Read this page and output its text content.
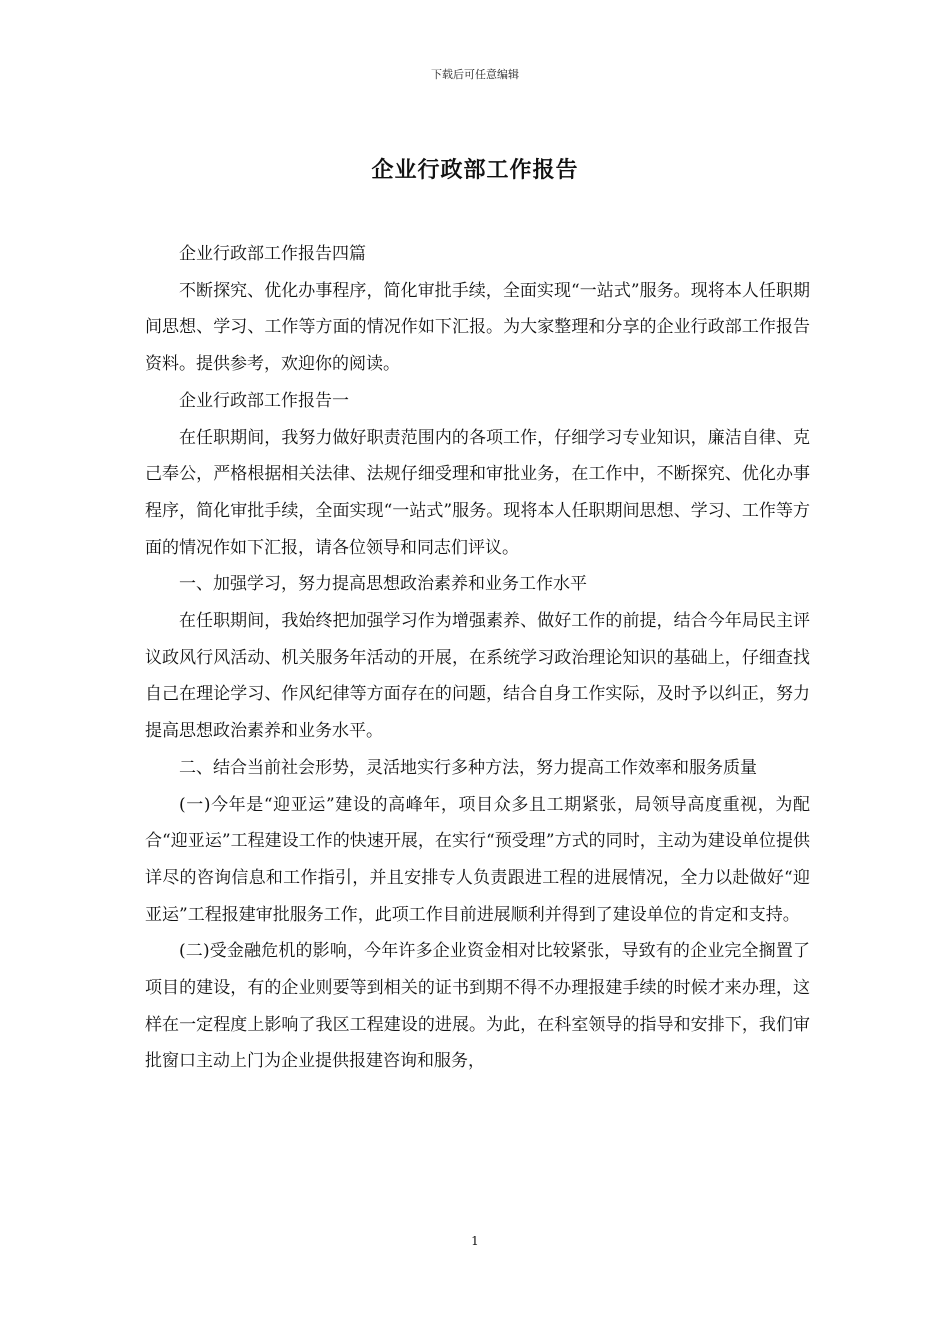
下载后可任意编辑
企业行政部工作报告

企业行政部工作报告四篇

不断探究、优化办事程序，简化审批手续，全面实现“一站式”服务。现将本人任职期间思想、学习、工作等方面的情况作如下汇报。为大家整理和分享的企业行政部工作报告资料。提供参考，欢迎你的阅读。

企业行政部工作报告一

在任职期间，我努力做好职责范围内的各项工作，仔细学习专业知识，廉洁自律、克己奉公，严格根据相关法律、法规仔细受理和审批业务，在工作中，不断探究、优化办事程序，简化审批手续，全面实现“一站式”服务。现将本人任职期间思想、学习、工作等方面的情况作如下汇报，请各位领导和同志们评议。

一、加强学习，努力提高思想政治素养和业务工作水平

在任职期间，我始终把加强学习作为增强素养、做好工作的前提，结合今年局民主评议政风行风活动、机关服务年活动的开展，在系统学习政治理论知识的基础上，仔细查找自己在理论学习、作风纪律等方面存在的问题，结合自身工作实际，及时予以纠正，努力提高思想政治素养和业务水平。

二、结合当前社会形势，灵活地实行多种方法，努力提高工作效率和服务质量

(一)今年是“迎亚运”建设的高峰年，项目众多且工期紧张，局领导高度重视，为配合“迎亚运”工程建设工作的快速开展，在实行“预受理”方式的同时，主动为建设单位提供详尽的咨询信息和工作指引，并且安排专人负责跟进工程的进展情况，全力以赴做好“迎亚运”工程报建审批服务工作，此项工作目前进展顺利并得到了建设单位的肯定和支持。

(二)受金融危机的影响，今年许多企业资金相对比较紧张，导致有的企业完全搁置了项目的建设，有的企业则要等到相关的证书到期不得不办理报建手续的时候才来办理，这样在一定程度上影响了我区工程建设的进展。为此，在科室领导的指导和安排下，我们审批窗口主动上门为企业提供报建咨询和服务，

1
